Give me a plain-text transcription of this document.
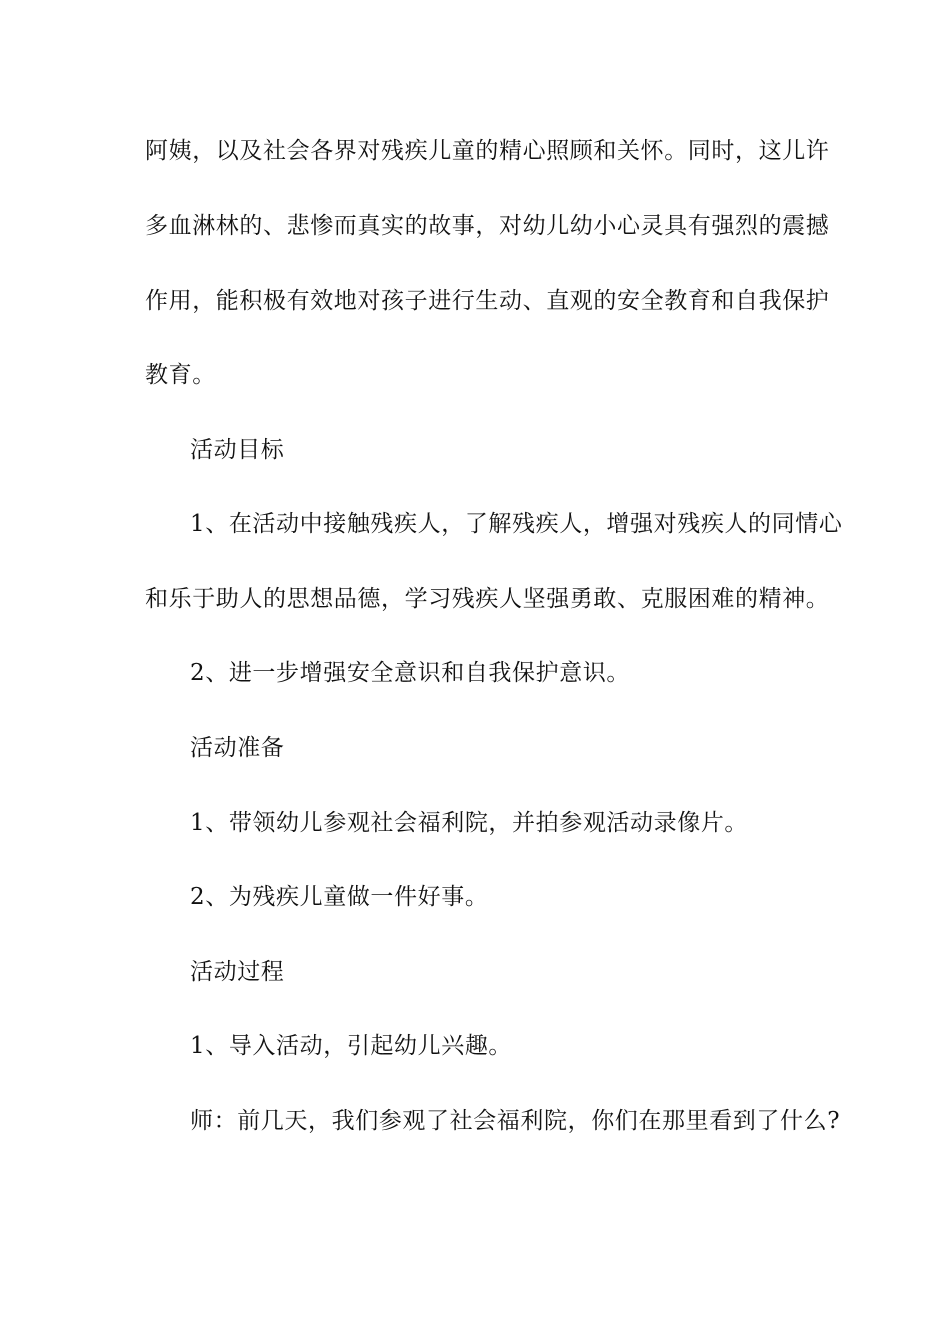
阿姨，以及社会各界对残疾儿童的精心照顾和关怀。同时，这儿许
多血淋林的、悲惨而真实的故事，对幼儿幼小心灵具有强烈的震撼
作用，能积极有效地对孩子进行生动、直观的安全教育和自我保护
教育。
活动目标
1、在活动中接触残疾人，了解残疾人，增强对残疾人的同情心
和乐于助人的思想品德，学习残疾人坚强勇敢、克服困难的精神。
2、进一步增强安全意识和自我保护意识。
活动准备
1、带领幼儿参观社会福利院，并拍参观活动录像片。
2、为残疾儿童做一件好事。
活动过程
1、导入活动，引起幼儿兴趣。
师：前几天，我们参观了社会福利院，你们在那里看到了什么?
